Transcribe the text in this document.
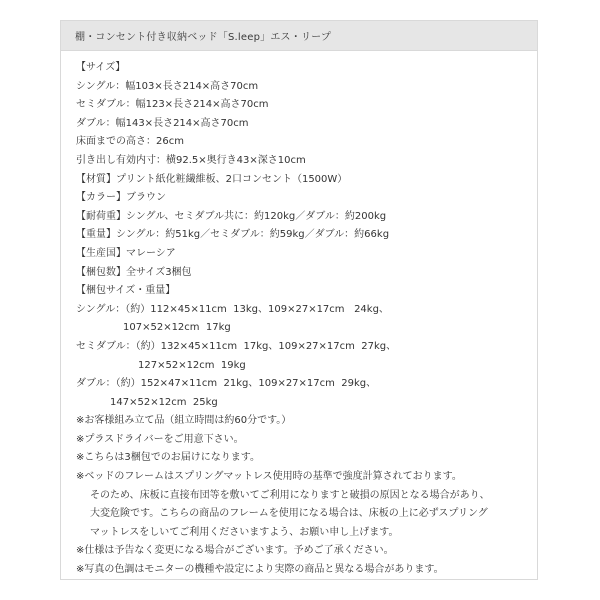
棚・コンセント付き収納ベッド「S.leep」エス・リープ
【サイズ】
シングル：幅103×長さ214×高さ70cm
セミダブル：幅123×長さ214×高さ70cm
ダブル：幅143×長さ214×高さ70cm
床面までの高さ：26cm
引き出し有効内寸：横92.5×奥行き43×深さ10cm
【材質】プリント紙化粧繊維板、2口コンセント（1500W）
【カラー】ブラウン
【耐荷重】シングル、セミダブル共に：約120kg／ダブル：約200kg
【重量】シングル：約51kg／セミダブル：約59kg／ダブル：約66kg
【生産国】マレーシア
【梱包数】全サイズ3梱包
【梱包サイズ・重量】
シングル：（約）112×45×11cm  13kg、109×27×17cm   24kg、
107×52×12cm  17kg
セミダブル：（約）132×45×11cm  17kg、109×27×17cm  27kg、
127×52×12cm  19kg
ダブル：（約）152×47×11cm  21kg、109×27×17cm  29kg、
147×52×12cm  25kg
※お客様組み立て品（組立時間は約60分です。）
※プラスドライバーをご用意下さい。
※こちらは3梱包でのお届けになります。
※ベッドのフレームはスプリングマットレス使用時の基準で強度計算されております。
そのため、床板に直接布団等を敷いてご利用になりますと破損の原因となる場合があり、
大変危険です。こちらの商品のフレームを使用になる場合は、床板の上に必ずスプリング
マットレスをしいてご利用くださいますよう、お願い申し上げます。
※仕様は予告なく変更になる場合がございます。予めご了承ください。
※写真の色調はモニターの機種や設定により実際の商品と異なる場合があります。
